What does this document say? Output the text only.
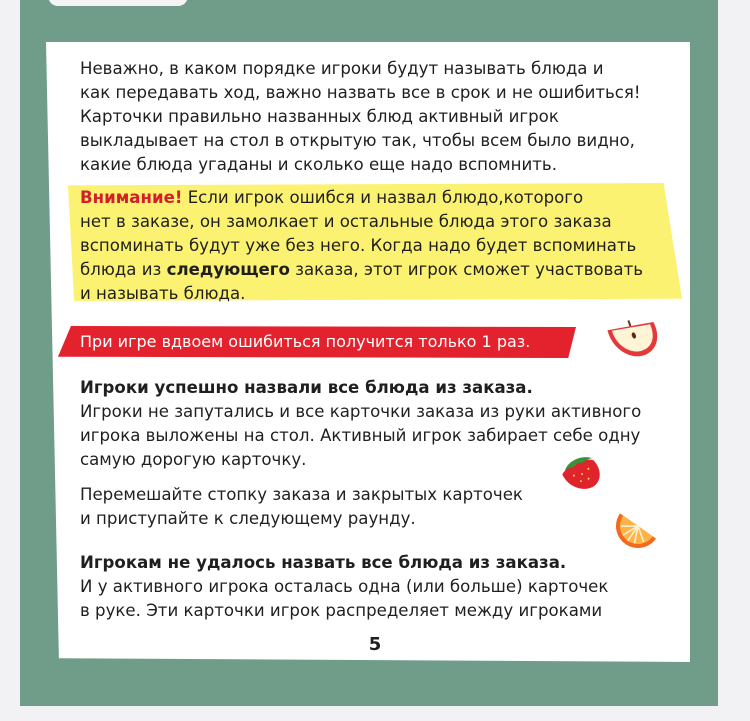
Неважно, в каком порядке игроки будут называть блюда и
как передавать ход, важно назвать все в срок и не ошибиться!
Карточки правильно названных блюд активный игрок
выкладывает на стол в открытую так, чтобы всем было видно,
какие блюда угаданы и сколько еще надо вспомнить.
Внимание! Если игрок ошибся и назвал блюдо,которого
нет в заказе, он замолкает и остальные блюда этого заказа
вспоминать будут уже без него. Когда надо будет вспоминать
блюда из следующего заказа, этот игрок сможет участвовать
и называть блюда.
При игре вдвоем ошибиться получится только 1 раз.
Игроки успешно назвали все блюда из заказа.
Игроки не запутались и все карточки заказа из руки активного
игрока выложены на стол. Активный игрок забирает себе одну
самую дорогую карточку.
Перемешайте стопку заказа и закрытых карточек
и приступайте к следующему раунду.
Игрокам не удалось назвать все блюда из заказа.
И у активного игрока осталась одна (или больше) карточек
в руке. Эти карточки игрок распределяет между игроками
5
